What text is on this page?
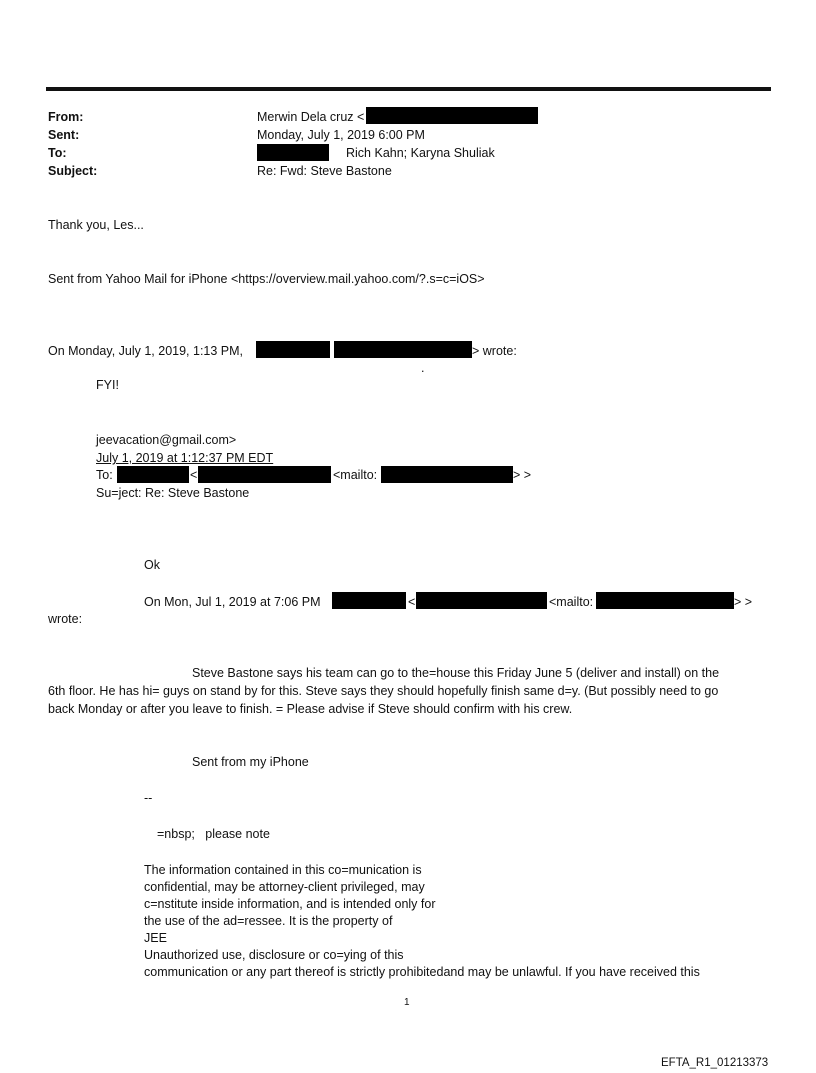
From:	Merwin Dela cruz <
Sent:	Monday, July 1, 2019 6:00 PM
To:	Rich Kahn; Karyna Shuliak
Subject:	Re: Fwd: Steve Bastone
Thank you, Les...
Sent from Yahoo Mail for iPhone <https://overview.mail.yahoo.com/?.s=c=iOS>
On Monday, July 1, 2019, 1:13 PM,	> wrote:
.
FYI!
jeevacation@gmail.com>
July 1, 2019 at 1:12:37 PM EDT
To:	<	<mailto:	> >
Su=ject: Re: Steve Bastone
Ok
On Mon, Jul 1, 2019 at 7:06 PM	<	<mailto:	> >
wrote:
Steve Bastone says his team can go to the=house this Friday June 5 (deliver and install) on the
6th floor. He has hi= guys on stand by for this. Steve says they should hopefully finish same d=y. (But possibly need to go
back Monday or after you leave to finish. = Please advise if Steve should confirm with his crew.
Sent from my iPhone
--
=nbsp;   please note
The information contained in this co=munication is
confidential, may be attorney-client privileged, may
c=nstitute inside information, and is intended only for
the use of the ad=ressee. It is the property of
JEE
Unauthorized use, disclosure or co=ying of this
communication or any part thereof is strictly prohibitedand may be unlawful. If you have received this
1
EFTA_R1_01213373
